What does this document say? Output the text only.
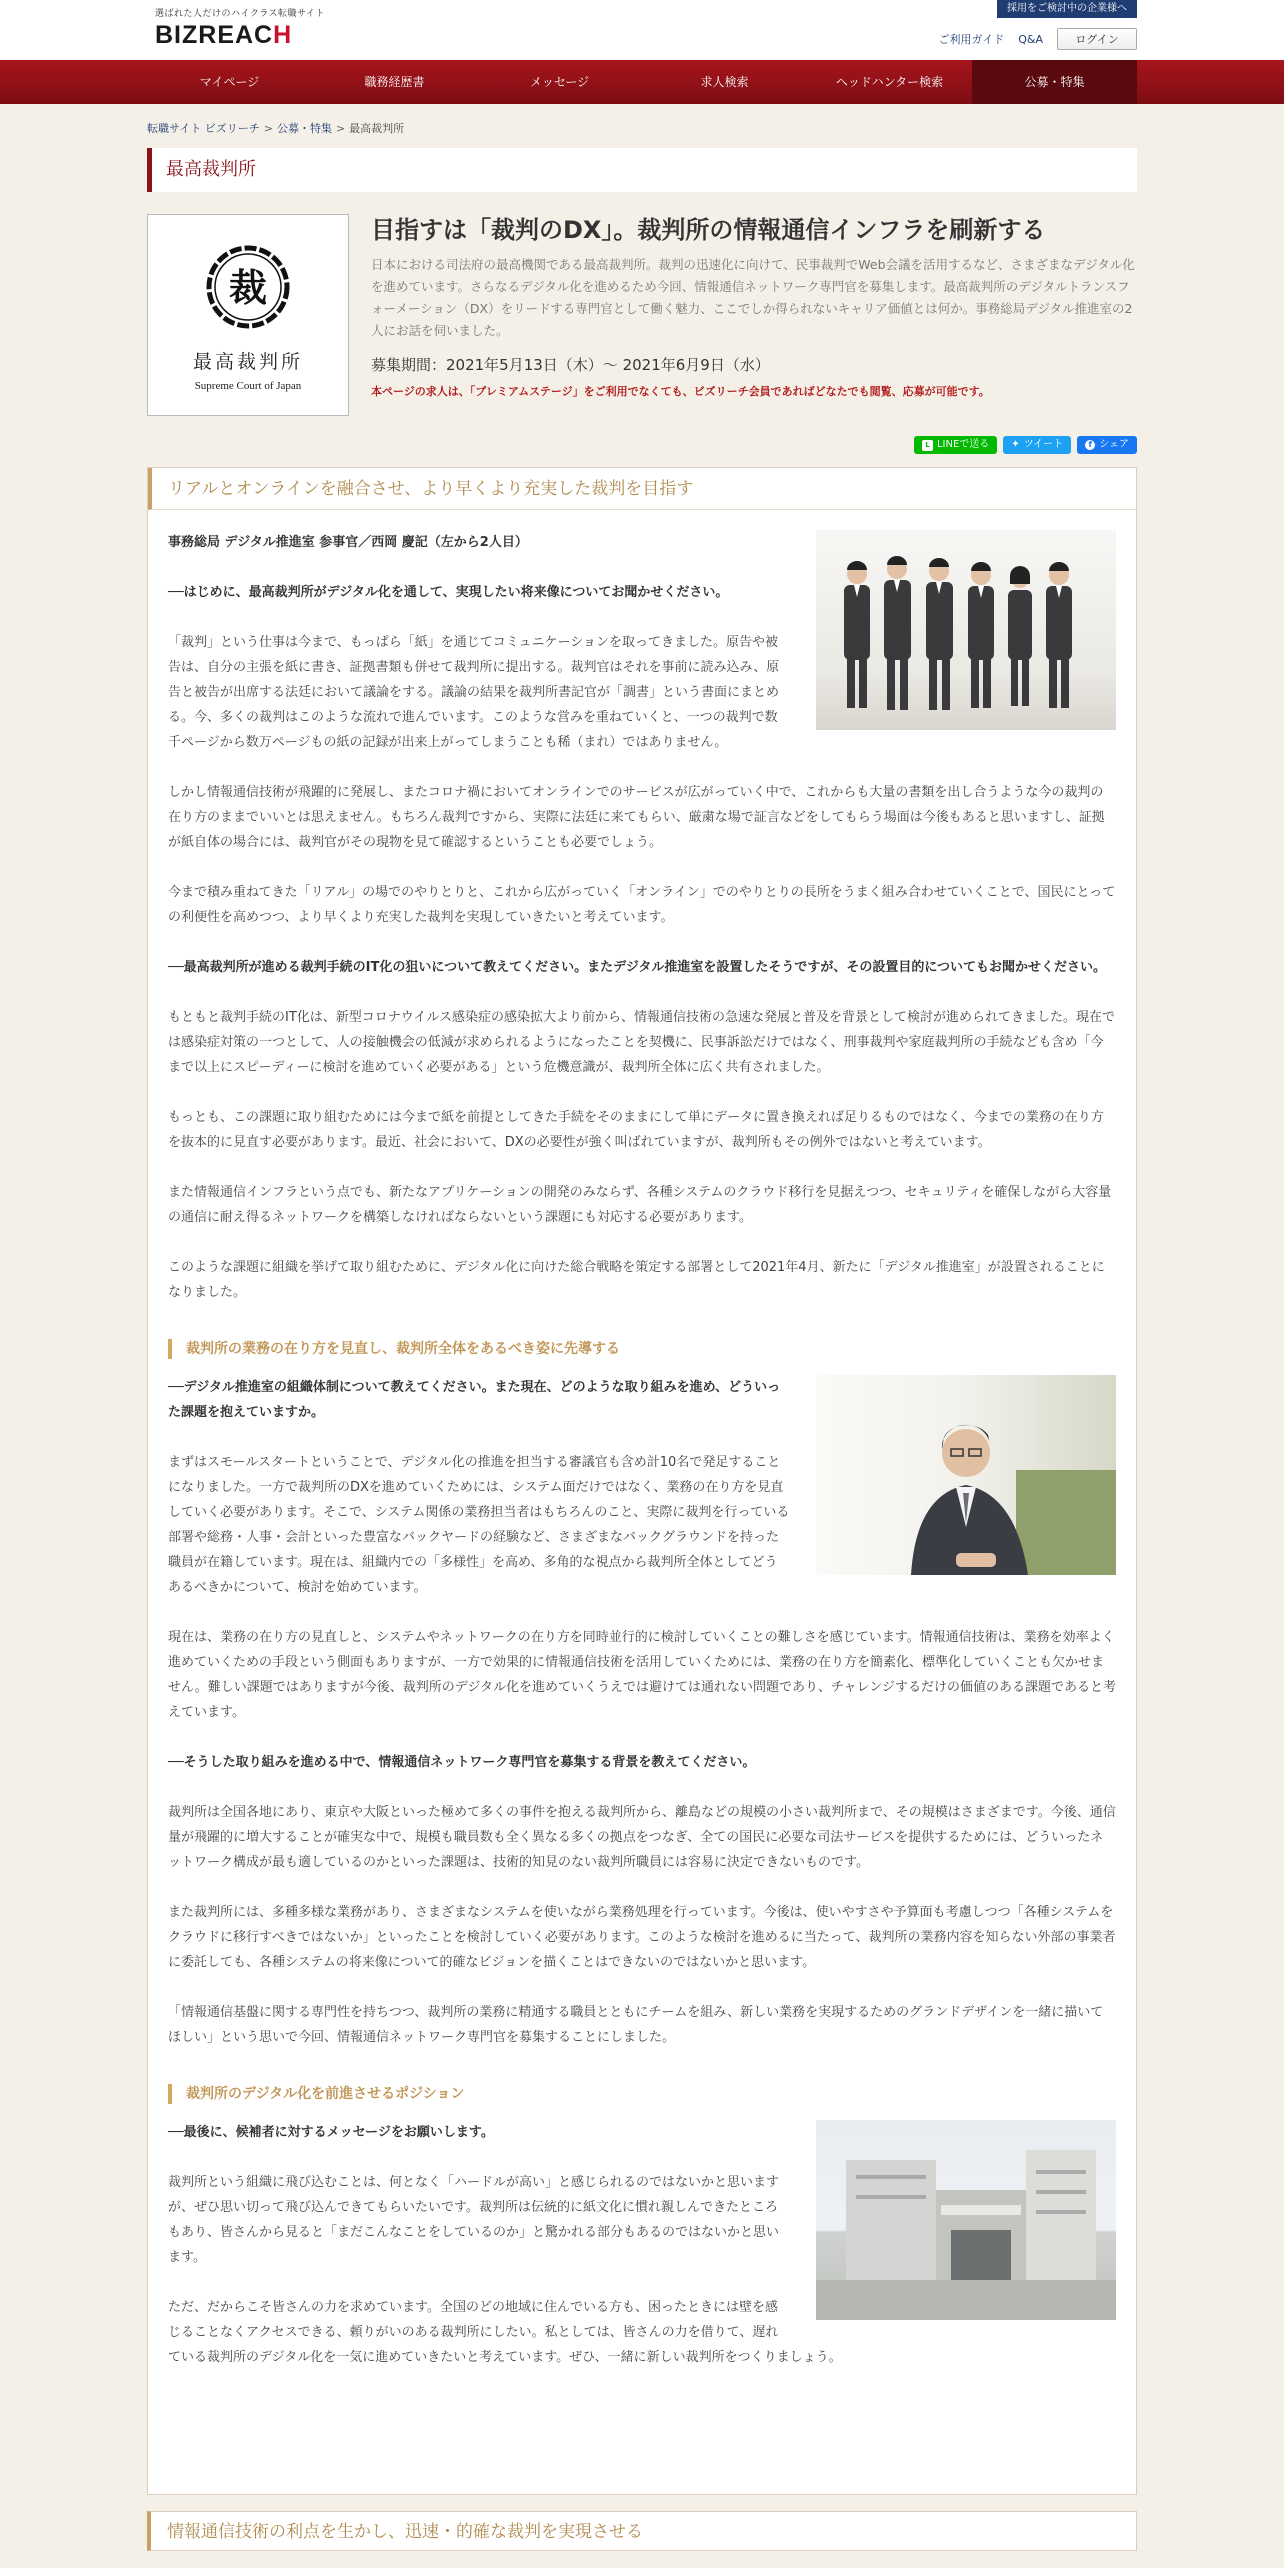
選ばれた人だけのハイクラス転職サイト
BIZREACH
採用をご検討中の企業様へ
ご利用ガイド Q&A	ログイン
マイページ	職務経歴書	メッセージ	求人検索	ヘッドハンター検索	公募・特集
転職サイト ビズリーチ > 公募・特集 > 最高裁判所
最高裁判所
裁
最高裁判所
Supreme Court of Japan
目指すは「裁判のDX」。裁判所の情報通信インフラを刷新する

日本における司法府の最高機関である最高裁判所。裁判の迅速化に向けて、民事裁判でWeb会議を活用するなど、さまざまなデジタル化を進めています。さらなるデジタル化を進めるため今回、情報通信ネットワーク専門官を募集します。最高裁判所のデジタルトランスフォーメーション（DX）をリードする専門官として働く魅力、ここでしか得られないキャリア価値とは何か。事務総局デジタル推進室の2人にお話を伺いました。

募集期間：2021年5月13日（木）〜 2021年6月9日（水）

本ページの求人は、「プレミアムステージ」をご利用でなくても、ビズリーチ会員であればどなたでも閲覧、応募が可能です。

L LINEで送る ✦ ツイート	f シェア
リアルとオンラインを融合させ、より早くより充実した裁判を目指す

事務総局 デジタル推進室 参事官／西岡 慶記（左から2人目）

──はじめに、最高裁判所がデジタル化を通して、実現したい将来像についてお聞かせください。

「裁判」という仕事は今まで、もっぱら「紙」を通じてコミュニケーションを取ってきました。原告や被告は、自分の主張を紙に書き、証拠書類も併せて裁判所に提出する。裁判官はそれを事前に読み込み、原告と被告が出席する法廷において議論をする。議論の結果を裁判所書記官が「調書」という書面にまとめる。今、多くの裁判はこのような流れで進んでいます。このような営みを重ねていくと、一つの裁判で数千ページから数万ページもの紙の記録が出来上がってしまうことも稀（まれ）ではありません。

しかし情報通信技術が飛躍的に発展し、またコロナ禍においてオンラインでのサービスが広がっていく中で、これからも大量の書類を出し合うような今の裁判の在り方のままでいいとは思えません。もちろん裁判ですから、実際に法廷に来てもらい、厳粛な場で証言などをしてもらう場面は今後もあると思いますし、証拠が紙自体の場合には、裁判官がその現物を見て確認するということも必要でしょう。

今まで積み重ねてきた「リアル」の場でのやりとりと、これから広がっていく「オンライン」でのやりとりの長所をうまく組み合わせていくことで、国民にとっての利便性を高めつつ、より早くより充実した裁判を実現していきたいと考えています。

──最高裁判所が進める裁判手続のIT化の狙いについて教えてください。またデジタル推進室を設置したそうですが、その設置目的についてもお聞かせください。

もともと裁判手続のIT化は、新型コロナウイルス感染症の感染拡大より前から、情報通信技術の急速な発展と普及を背景として検討が進められてきました。現在では感染症対策の一つとして、人の接触機会の低減が求められるようになったことを契機に、民事訴訟だけではなく、刑事裁判や家庭裁判所の手続なども含め「今まで以上にスピーディーに検討を進めていく必要がある」という危機意識が、裁判所全体に広く共有されました。

もっとも、この課題に取り組むためには今まで紙を前提としてきた手続をそのままにして単にデータに置き換えれば足りるものではなく、今までの業務の在り方を抜本的に見直す必要があります。最近、社会において、DXの必要性が強く叫ばれていますが、裁判所もその例外ではないと考えています。

また情報通信インフラという点でも、新たなアプリケーションの開発のみならず、各種システムのクラウド移行を見据えつつ、セキュリティを確保しながら大容量の通信に耐え得るネットワークを構築しなければならないという課題にも対応する必要があります。

このような課題に組織を挙げて取り組むために、デジタル化に向けた総合戦略を策定する部署として2021年4月、新たに「デジタル推進室」が設置されることになりました。

裁判所の業務の在り方を見直し、裁判所全体をあるべき姿に先導する

──デジタル推進室の組織体制について教えてください。また現在、どのような取り組みを進め、どういった課題を抱えていますか。

まずはスモールスタートということで、デジタル化の推進を担当する審議官も含め計10名で発足することになりました。一方で裁判所のDXを進めていくためには、システム面だけではなく、業務の在り方を見直していく必要があります。そこで、システム関係の業務担当者はもちろんのこと、実際に裁判を行っている部署や総務・人事・会計といった豊富なバックヤードの経験など、さまざまなバックグラウンドを持った職員が在籍しています。現在は、組織内での「多様性」を高め、多角的な視点から裁判所全体としてどうあるべきかについて、検討を始めています。

現在は、業務の在り方の見直しと、システムやネットワークの在り方を同時並行的に検討していくことの難しさを感じています。情報通信技術は、業務を効率よく進めていくための手段という側面もありますが、一方で効果的に情報通信技術を活用していくためには、業務の在り方を簡素化、標準化していくことも欠かせません。難しい課題ではありますが今後、裁判所のデジタル化を進めていくうえでは避けては通れない問題であり、チャレンジするだけの価値のある課題であると考えています。

──そうした取り組みを進める中で、情報通信ネットワーク専門官を募集する背景を教えてください。

裁判所は全国各地にあり、東京や大阪といった極めて多くの事件を抱える裁判所から、離島などの規模の小さい裁判所まで、その規模はさまざまです。今後、通信量が飛躍的に増大することが確実な中で、規模も職員数も全く異なる多くの拠点をつなぎ、全ての国民に必要な司法サービスを提供するためには、どういったネットワーク構成が最も適しているのかといった課題は、技術的知見のない裁判所職員には容易に決定できないものです。

また裁判所には、多種多様な業務があり、さまざまなシステムを使いながら業務処理を行っています。今後は、使いやすさや予算面も考慮しつつ「各種システムをクラウドに移行すべきではないか」といったことを検討していく必要があります。このような検討を進めるに当たって、裁判所の業務内容を知らない外部の事業者に委託しても、各種システムの将来像について的確なビジョンを描くことはできないのではないかと思います。

「情報通信基盤に関する専門性を持ちつつ、裁判所の業務に精通する職員とともにチームを組み、新しい業務を実現するためのグランドデザインを一緒に描いてほしい」という思いで今回、情報通信ネットワーク専門官を募集することにしました。

裁判所のデジタル化を前進させるポジション

──最後に、候補者に対するメッセージをお願いします。

裁判所という組織に飛び込むことは、何となく「ハードルが高い」と感じられるのではないかと思いますが、ぜひ思い切って飛び込んできてもらいたいです。裁判所は伝統的に紙文化に慣れ親しんできたところもあり、皆さんから見ると「まだこんなことをしているのか」と驚かれる部分もあるのではないかと思います。

ただ、だからこそ皆さんの力を求めています。全国のどの地域に住んでいる方も、困ったときには壁を感じることなくアクセスできる、頼りがいのある裁判所にしたい。私としては、皆さんの力を借りて、遅れている裁判所のデジタル化を一気に進めていきたいと考えています。ぜひ、一緒に新しい裁判所をつくりましょう。

情報通信技術の利点を生かし、迅速・的確な裁判を実現させる
